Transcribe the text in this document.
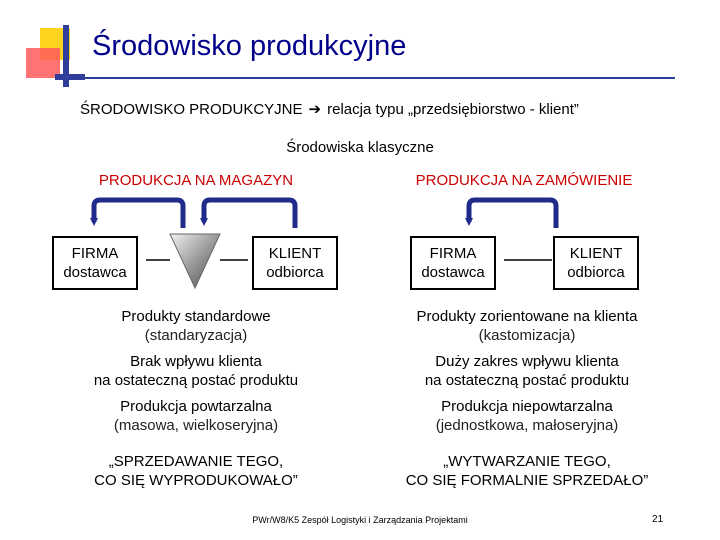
Środowisko produkcyjne
ŚRODOWISKO PRODUKCYJNE ➔ relacja typu „przedsiębiorstwo - klient”
Środowiska klasyczne
PRODUKCJA NA MAGAZYN	PRODUKCJA NA ZAMÓWIENIE
FIRMA
dostawca
KLIENT
odbiorca
FIRMA
dostawca
KLIENT
odbiorca
Produkty standardowe
(standaryzacja)
Brak wpływu klienta
na ostateczną postać produktu
Produkcja powtarzalna
(masowa, wielkoseryjna)
„SPRZEDAWANIE TEGO,
CO SIĘ WYPRODUKOWAŁO”
Produkty zorientowane na klienta
(kastomizacja)
Duży zakres wpływu klienta
na ostateczną postać produktu
Produkcja niepowtarzalna
(jednostkowa, małoseryjna)
„WYTWARZANIE TEGO,
CO SIĘ FORMALNIE SPRZEDAŁO”
PWr/W8/K5 Zespół Logistyki i Zarządzania Projektami	21
